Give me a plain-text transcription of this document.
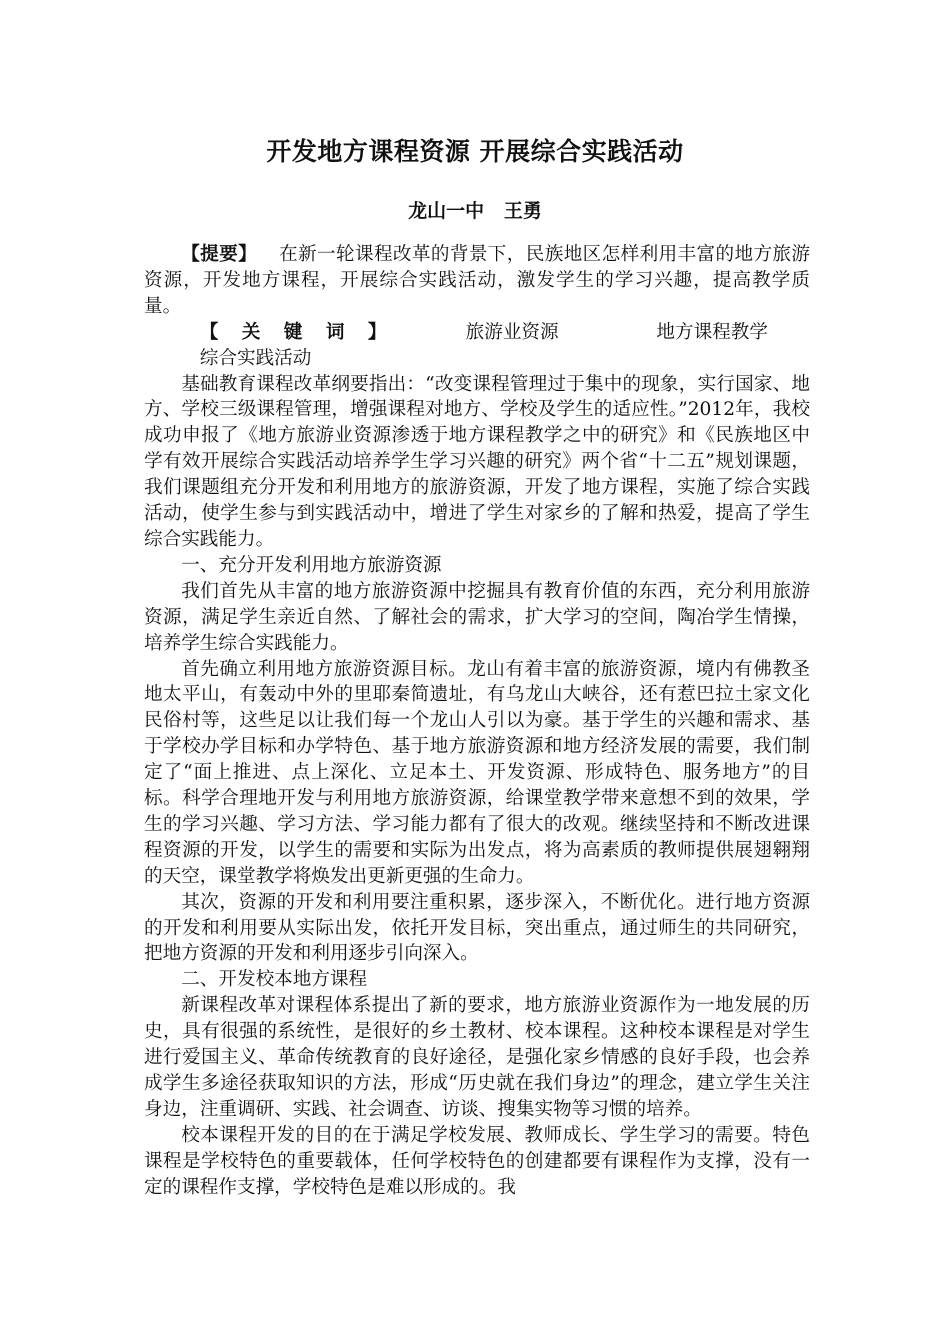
开发地方课程资源 开展综合实践活动
龙山一中   王勇

【提要】 在新一轮课程改革的背景下，民族地区怎样利用丰富的地方旅游资源，开发地方课程，开展综合实践活动，激发学生的学习兴趣，提高教学质量。

【关键词】	旅游业资源	地方课程教学综合实践活动

基础教育课程改革纲要指出：“改变课程管理过于集中的现象，实行国家、地方、学校三级课程管理，增强课程对地方、学校及学生的适应性。”2012年，我校成功申报了《地方旅游业资源渗透于地方课程教学之中的研究》和《民族地区中学有效开展综合实践活动培养学生学习兴趣的研究》两个省“十二五”规划课题，我们课题组充分开发和利用地方的旅游资源，开发了地方课程，实施了综合实践活动，使学生参与到实践活动中，增进了学生对家乡的了解和热爱，提高了学生综合实践能力。

一、充分开发利用地方旅游资源

我们首先从丰富的地方旅游资源中挖掘具有教育价值的东西，充分利用旅游资源，满足学生亲近自然、了解社会的需求，扩大学习的空间，陶冶学生情操，培养学生综合实践能力。

首先确立利用地方旅游资源目标。龙山有着丰富的旅游资源，境内有佛教圣地太平山，有轰动中外的里耶秦简遗址，有乌龙山大峡谷，还有惹巴拉土家文化民俗村等，这些足以让我们每一个龙山人引以为豪。基于学生的兴趣和需求、基于学校办学目标和办学特色、基于地方旅游资源和地方经济发展的需要，我们制定了“面上推进、点上深化、立足本土、开发资源、形成特色、服务地方”的目标。科学合理地开发与利用地方旅游资源，给课堂教学带来意想不到的效果，学生的学习兴趣、学习方法、学习能力都有了很大的改观。继续坚持和不断改进课程资源的开发，以学生的需要和实际为出发点，将为高素质的教师提供展翅翱翔的天空，课堂教学将焕发出更新更强的生命力。

其次，资源的开发和利用要注重积累，逐步深入，不断优化。进行地方资源的开发和利用要从实际出发，依托开发目标，突出重点，通过师生的共同研究，把地方资源的开发和利用逐步引向深入。

二、开发校本地方课程

新课程改革对课程体系提出了新的要求，地方旅游业资源作为一地发展的历史，具有很强的系统性，是很好的乡土教材、校本课程。这种校本课程是对学生进行爱国主义、革命传统教育的良好途径，是强化家乡情感的良好手段，也会养成学生多途径获取知识的方法，形成“历史就在我们身边”的理念，建立学生关注身边，注重调研、实践、社会调查、访谈、搜集实物等习惯的培养。

校本课程开发的目的在于满足学校发展、教师成长、学生学习的需要。特色课程是学校特色的重要载体，任何学校特色的创建都要有课程作为支撑，没有一定的课程作支撑，学校特色是难以形成的。我
